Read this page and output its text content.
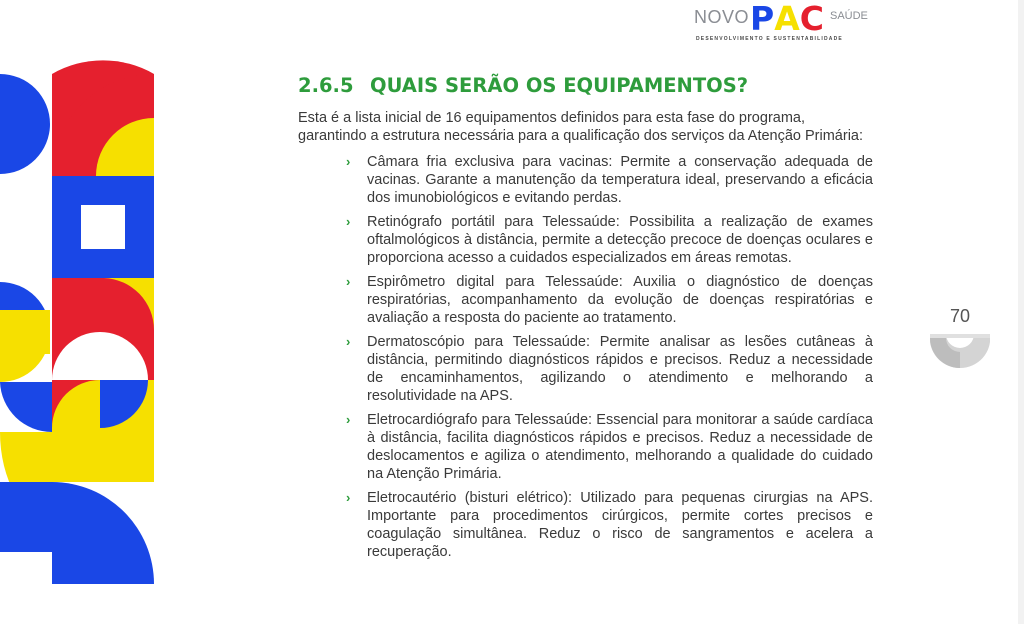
NOVO P A C SAÚDE
DESENVOLVIMENTO E SUSTENTABILIDADE
2.6.5 QUAIS SERÃO OS EQUIPAMENTOS?

Esta é a lista inicial de 16 equipamentos definidos para esta fase do programa, garantindo a estrutura necessária para a qualificação dos serviços da Atenção Primária:

› Câmara fria exclusiva para vacinas: Permite a conservação adequada de vacinas. Garante a manutenção da temperatura ideal, preservando a eficácia dos imunobiológicos e evitando perdas.
› Retinógrafo portátil para Telessaúde: Possibilita a realização de exames oftalmológicos à distância, permite a detecção precoce de doenças oculares e proporciona acesso a cuidados especializados em áreas remotas.
› Espirômetro digital para Telessaúde: Auxilia o diagnóstico de doenças respiratórias, acompanhamento da evolução de doenças respiratórias e avaliação a resposta do paciente ao tratamento.
› Dermatoscópio para Telessaúde: Permite analisar as lesões cutâneas à distância, permitindo diagnósticos rápidos e precisos. Reduz a necessidade de encaminhamentos, agilizando o atendimento e melhorando a resolutividade na APS.
› Eletrocardiógrafo para Telessaúde: Essencial para monitorar a saúde cardíaca à distância, facilita diagnósticos rápidos e precisos. Reduz a necessidade de deslocamentos e agiliza o atendimento, melhorando a qualidade do cuidado na Atenção Primária.
› Eletrocautério (bisturi elétrico): Utilizado para pequenas cirurgias na APS. Importante para procedimentos cirúrgicos, permite cortes precisos e coagulação simultânea. Reduz o risco de sangramentos e acelera a recuperação.
70
